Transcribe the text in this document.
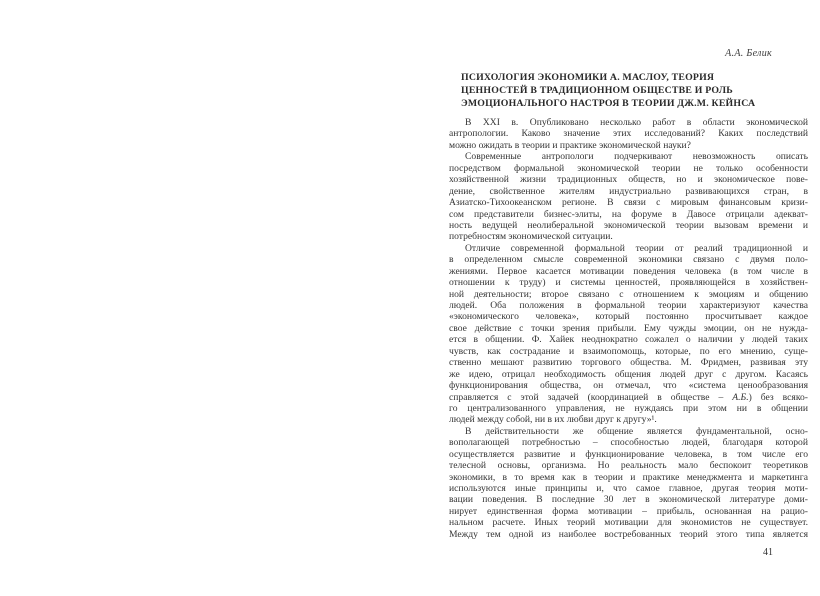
А.А. Белик
ПСИХОЛОГИЯ ЭКОНОМИКИ А. МАСЛОУ, ТЕОРИЯ
ЦЕННОСТЕЙ В ТРАДИЦИОННОМ ОБЩЕСТВЕ И РОЛЬ
ЭМОЦИОНАЛЬНОГО НАСТРОЯ В ТЕОРИИ ДЖ.М. КЕЙНСА
В XXI в. Опубликовано несколько работ в области экономической
антропологии. Каково значение этих исследований? Каких последствий
можно ожидать в теории и практике экономической науки?
Современные антропологи подчеркивают невозможность описать
посредством формальной экономической теории не только особенности
хозяйственной жизни традиционных обществ, но и экономическое пове-
дение, свойственное жителям индустриально развивающихся стран, в
Азиатско-Тихоокеанском регионе. В связи с мировым финансовым кризи-
сом представители бизнес-элиты, на форуме в Давосе отрицали адекват-
ность ведущей неолиберальной экономической теории вызовам времени и
потребностям экономической ситуации.
Отличие современной формальной теории от реалий традиционной и
в определенном смысле современной экономики связано с двумя поло-
жениями. Первое касается мотивации поведения человека (в том числе в
отношении к труду) и системы ценностей, проявляющейся в хозяйствен-
ной деятельности; второе связано с отношением к эмоциям и общению
людей. Оба положения в формальной теории характеризуют качества
«экономического человека», который постоянно просчитывает каждое
свое действие с точки зрения прибыли. Ему чужды эмоции, он не нужда-
ется в общении. Ф. Хайек неоднократно сожалел о наличии у людей таких
чувств, как сострадание и взаимопомощь, которые, по его мнению, суще-
ственно мешают развитию торгового общества. М. Фридмен, развивая эту
же идею, отрицал необходимость общения людей друг с другом. Касаясь
функционирования общества, он отмечал, что «система ценообразования
справляется с этой задачей (координацией в обществе – А.Б.) без всяко-
го централизованного управления, не нуждаясь при этом ни в общении
людей между собой, ни в их любви друг к другу»¹.
В действительности же общение является фундаментальной, осно-
вополагающей потребностью – способностью людей, благодаря которой
осуществляется развитие и функционирование человека, в том числе его
телесной основы, организма. Но реальность мало беспокоит теоретиков
экономики, в то время как в теории и практике менеджмента и маркетинга
используются иные принципы и, что самое главное, другая теория моти-
вации поведения. В последние 30 лет в экономической литературе доми-
нирует единственная форма мотивации – прибыль, основанная на рацио-
нальном расчете. Иных теорий мотивации для экономистов не существует.
Между тем одной из наиболее востребованных теорий этого типа является
41
